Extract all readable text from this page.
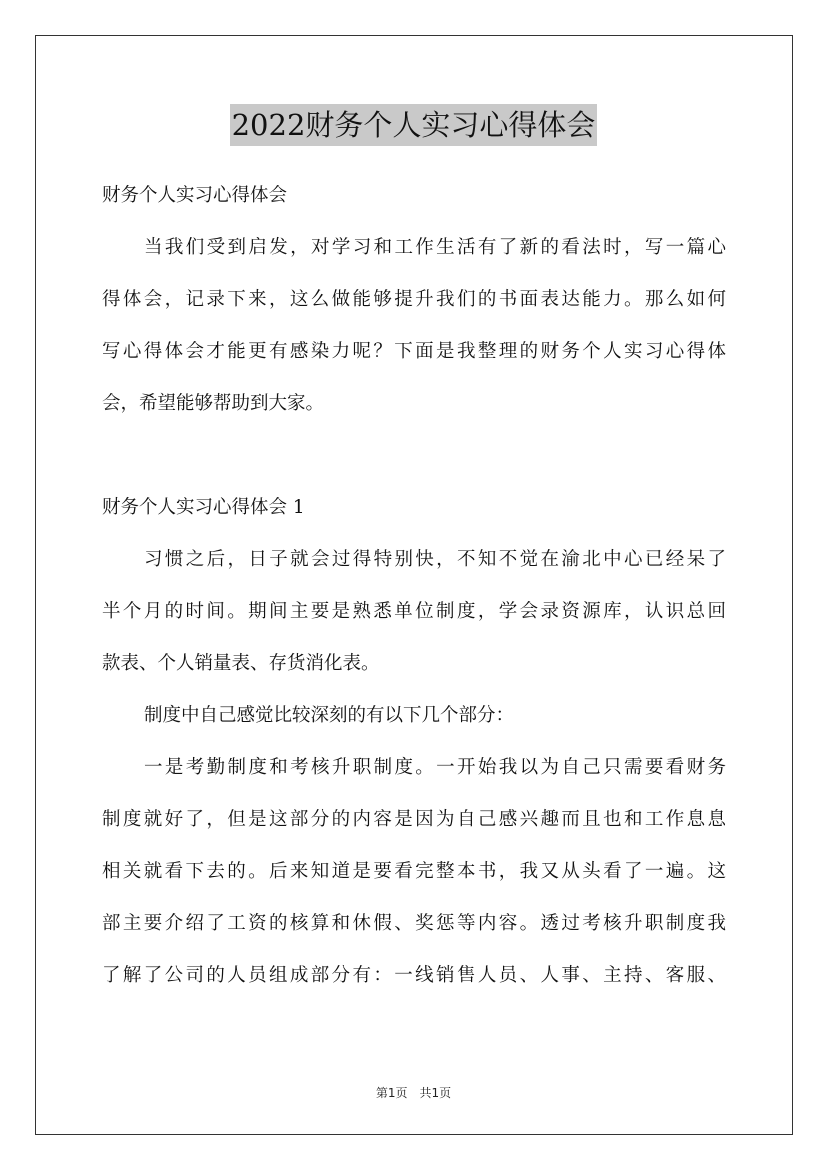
2022财务个人实习心得体会
财务个人实习心得体会
当我们受到启发，对学习和工作生活有了新的看法时，写一篇心
得体会，记录下来，这么做能够提升我们的书面表达能力。那么如何
写心得体会才能更有感染力呢？下面是我整理的财务个人实习心得体
会，希望能够帮助到大家。
财务个人实习心得体会 1
习惯之后，日子就会过得特别快，不知不觉在渝北中心已经呆了
半个月的时间。期间主要是熟悉单位制度，学会录资源库，认识总回
款表、个人销量表、存货消化表。
制度中自己感觉比较深刻的有以下几个部分：
一是考勤制度和考核升职制度。一开始我以为自己只需要看财务
制度就好了，但是这部分的内容是因为自己感兴趣而且也和工作息息
相关就看下去的。后来知道是要看完整本书，我又从头看了一遍。这
部主要介绍了工资的核算和休假、奖惩等内容。透过考核升职制度我
了解了公司的人员组成部分有：一线销售人员、人事、主持、客服、
第1页　共1页
